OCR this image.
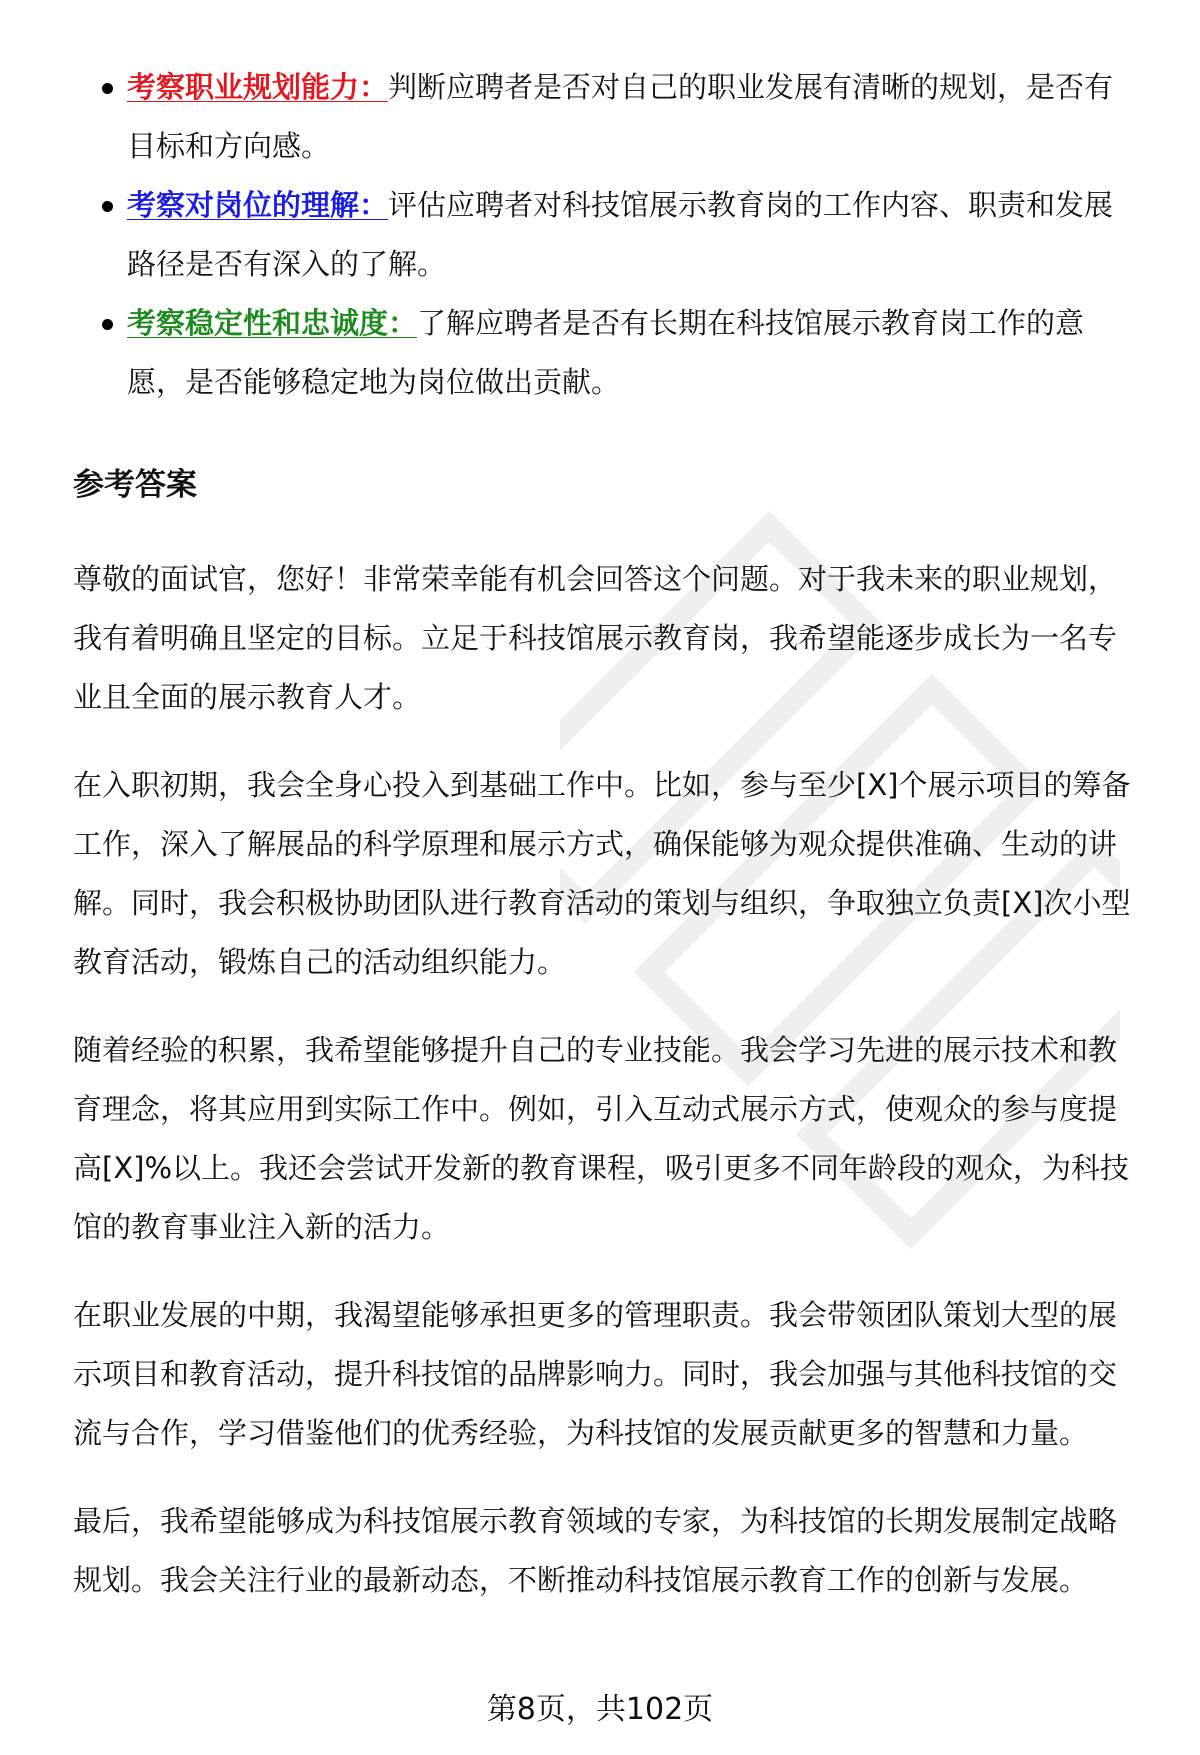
考察职业规划能力：判断应聘者是否对自己的职业发展有清晰的规划，是否有
目标和方向感。
考察对岗位的理解：评估应聘者对科技馆展示教育岗的工作内容、职责和发展
路径是否有深入的了解。
考察稳定性和忠诚度：了解应聘者是否有长期在科技馆展示教育岗工作的意
愿，是否能够稳定地为岗位做出贡献。
参考答案
尊敬的面试官，您好！非常荣幸能有机会回答这个问题。对于我未来的职业规划，
我有着明确且坚定的目标。立足于科技馆展示教育岗，我希望能逐步成长为一名专
业且全面的展示教育人才。
在入职初期，我会全身心投入到基础工作中。比如，参与至少[X]个展示项目的筹备
工作，深入了解展品的科学原理和展示方式，确保能够为观众提供准确、生动的讲
解。同时，我会积极协助团队进行教育活动的策划与组织，争取独立负责[X]次小型
教育活动，锻炼自己的活动组织能力。
随着经验的积累，我希望能够提升自己的专业技能。我会学习先进的展示技术和教
育理念，将其应用到实际工作中。例如，引入互动式展示方式，使观众的参与度提
高[X]%以上。我还会尝试开发新的教育课程，吸引更多不同年龄段的观众，为科技
馆的教育事业注入新的活力。
在职业发展的中期，我渴望能够承担更多的管理职责。我会带领团队策划大型的展
示项目和教育活动，提升科技馆的品牌影响力。同时，我会加强与其他科技馆的交
流与合作，学习借鉴他们的优秀经验，为科技馆的发展贡献更多的智慧和力量。
最后，我希望能够成为科技馆展示教育领域的专家，为科技馆的长期发展制定战略
规划。我会关注行业的最新动态，不断推动科技馆展示教育工作的创新与发展。
第8页，共102页
